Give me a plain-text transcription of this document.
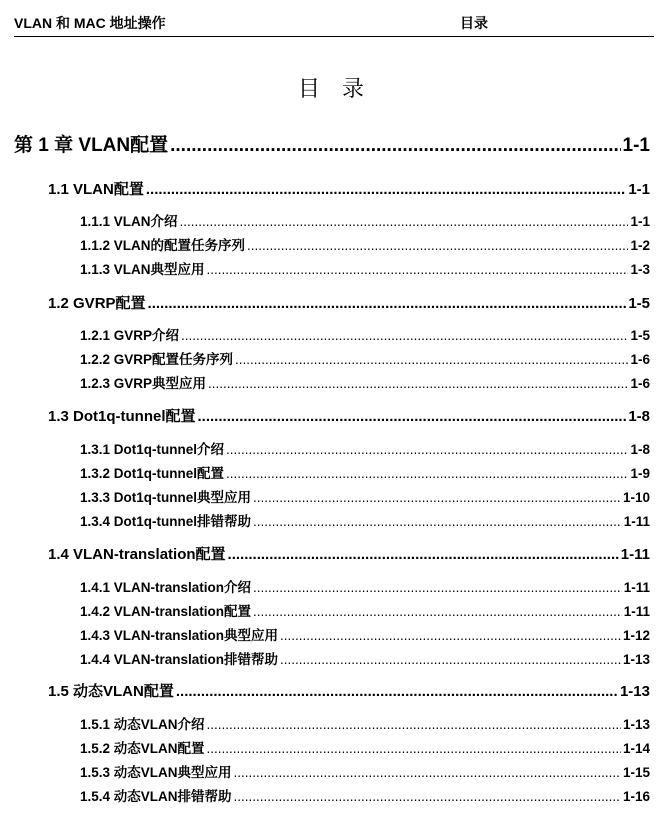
VLAN 和 MAC 地址操作	目录
目录
第 1 章 VLAN配置 .....	1-1
1.1 VLAN配置 .....	1-1
1.1.1 VLAN介绍 .....	1-1
1.1.2 VLAN的配置任务序列 .....	1-2
1.1.3 VLAN典型应用 .....	1-3
1.2 GVRP配置 .....	1-5
1.2.1 GVRP介绍 .....	1-5
1.2.2 GVRP配置任务序列 .....	1-6
1.2.3 GVRP典型应用 .....	1-6
1.3 Dot1q-tunnel配置 .....	1-8
1.3.1 Dot1q-tunnel介绍 .....	1-8
1.3.2 Dot1q-tunnel配置 .....	1-9
1.3.3 Dot1q-tunnel典型应用 .....	1-10
1.3.4 Dot1q-tunnel排错帮助 .....	1-11
1.4 VLAN-translation配置 .....	1-11
1.4.1 VLAN-translation介绍 .....	1-11
1.4.2 VLAN-translation配置 .....	1-11
1.4.3 VLAN-translation典型应用 .....	1-12
1.4.4 VLAN-translation排错帮助 .....	1-13
1.5 动态VLAN配置 .....	1-13
1.5.1 动态VLAN介绍 .....	1-13
1.5.2 动态VLAN配置 .....	1-14
1.5.3 动态VLAN典型应用 .....	1-15
1.5.4 动态VLAN排错帮助 .....	1-16
